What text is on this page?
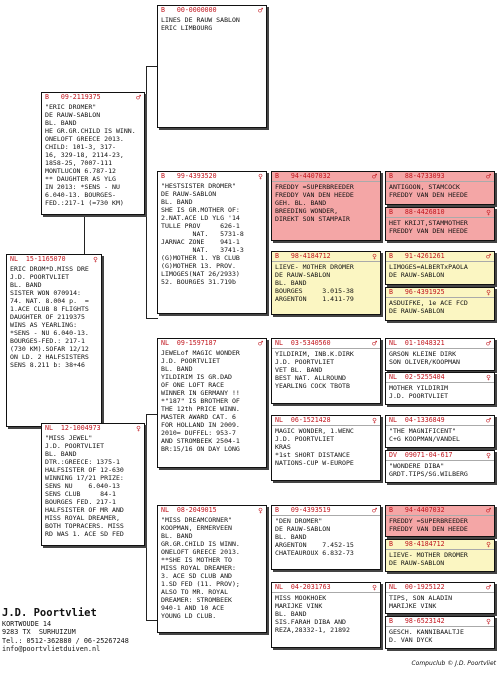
NL  15-1165070	♀
ERIC DROM*D.MISS DRE
J.D. POORTVLIET
BL. BAND
SISTER WON 070914:
74. NAT. 8.004 p.  =
1.ACE CLUB 8 FLIGHTS
DAUGHTER OF 2119375
WINS AS YEARLING:
*SENS - NU 6.040-13.
BOURGES-FED.: 217-1
(730 KM).SOFAR 12/12
ON LD. 2 HALFSISTERS
SENS 8.211 b: 38+46
B   09-2119375	♂
"ERIC DROMER"
DE RAUW-SABLON
BL. BAND
HE GR.GR.CHILD IS WINN.
ONELOFT GREECE 2013.
CHILD: 101-3, 317-
16, 329-18, 2114-23,
1858-25, 7007-111
MONTLUCON 6.787-12
** DAUGHTER AS YLG
IN 2013: *SENS - NU
6.040-13. BOURGES-
FED.:217-1 (=730 KM)
NL  12-1004973	♀
"MISS JEWEL"
J.D. POORTVLIET
BL. BAND
DTR.:GREECE: 1375-1
HALFSISTER OF 12-630
WINNING 17/21 PRIZE:
SENS NU    6.040-13
SENS CLUB     84-1
BOURGES FED. 217-1
HALFSISTER OF MR AND
MISS ROYAL DREAMER,
BOTH TOPRACERS. MISS
RD WAS 1. ACE SD FED
B   00-0000000	♂
LINES DE RAUW SABLON
ERIC LIMBOURG
B   99-4393520	♀
"HESTSISTER DROMER"
DE RAUW-SABLON
BL. BAND
SHE IS GR.MOTHER OF:
2.NAT.ACE LD YLG '14
TULLE PROV     626-1
NAT.   5731-8
JARNAC ZONE    941-1
NAT.   3741-3
(G)MOTHER 1. YB CLUB
(G)MOTHER 13. PROV.
LIMOGES(NAT 26/2933)
52. BOURGES 31.719b
NL  09-1597187	♂
JEWELof MAGIC WONDER
J.D. POORTVLIET
BL. BAND
YILDIRIM IS GR.DAD
OF ONE LOFT RACE
WINNER IN GERMANY !!
*"187" IS BROTHER OF
THE 12th PRICE WINN.
MASTER AWARD CAT. 6
FOR HOLLAND IN 2009.
2010= DUFFEL: 953-7
AND STROMBEEK 2504-1
BR:15/16 ON DAY LONG
NL  08-2049015	♀
"MISS DREAMCORNER"
KOOPMAN, ERMERVEEN
BL. BAND
GR.GR.CHILD IS WINN.
ONELOFT GREECE 2013.
**SHE IS MOTHER TO
MISS ROYAL DREAMER:
3. ACE SD CLUB AND
1.SD FED (11. PROV);
ALSO TO MR. ROYAL
DREAMER: STROMBEEK
940-1 AND 10 ACE
YOUNG LD CLUB.
B   94-4407032	♂
FREDDY =SUPERBREEDER
FREDDY VAN DEN HEEDE
GEH. BL. BAND
BREEDING WONDER,
DIREKT SON STAMPAIR
B   98-4184712	♀
LIEVE- MOTHER DROMER
DE RAUW-SABLON
BL. BAND
BOURGES     3.015-38
ARGENTON    1.411-79
NL  03-5340560	♂
YILDIRIM, INB.K.DIRK
J.D. POORTVLIET
VET BL. BAND
BEST NAT. ALLROUND
YEARLING COCK TBOTB
NL  06-1521428	♀
MAGIC WONDER, 1.WENC
J.D. POORTVLIET
KRAS
*1st SHORT DISTANCE
NATIONS-CUP W-EUROPE
B   09-4393519	♂
"DEN DROMER"
DE RAUW-SABLON
BL. BAND
ARGENTON    7.452-15
CHATEAUROUX 6.832-73
NL  04-2031763	♀
MISS MOOKHOEK
MARIJKE VINK
BL. BAND
SIS.FARAH DIBA AND
REZA,28332-1, 21892
B   88-4733093	♂
ANTIGOON, STAMCOCK
FREDDY VAN DEN HEEDE
B   88-4426810	♀
HET KRIJT,STAMMOTHER
FREDDY VAN DEN HEEDE
B   91-4261261	♂
LIMOGES=ALBERTxPAOLA
DE RAUW-SABLON
B   96-4391925	♀
ASDUIFKE, 1e ACE FCD
DE RAUW-SABLON
NL  01-1048321	♂
GRSON KLEINE DIRK
SON OLIVER/KOOPMAN
NL  02-5255404	♀
MOTHER YILDIRIM
J.D. POORTVLIET
NL  04-1336849	♂
"THE MAGNIFICENT"
C+G KOOPMAN/VANDEL
DV  09071-04-617	♀
"WONDERE DIBA"
GRDT.TIPS/SG.WILBERG
B   94-4407032	♂
FREDDY =SUPERBREEDER
FREDDY VAN DEN HEEDE
B   98-4184712	♀
LIEVE- MOTHER DROMER
DE RAUW-SABLON
NL  00-1925122	♂
TIPS, SON ALADIN
MARIJKE VINK
B   98-6523142	♀
GESCH. KANNIBAALTJE
D. VAN DYCK
J.D. Poortvliet
KORTWOUDE 14
9283 TX  SURHUIZUM
Tel.: 0512-362880 / 06-25267248
info@poortvlietduiven.nl
Compuclub © J.D. Poortvliet
